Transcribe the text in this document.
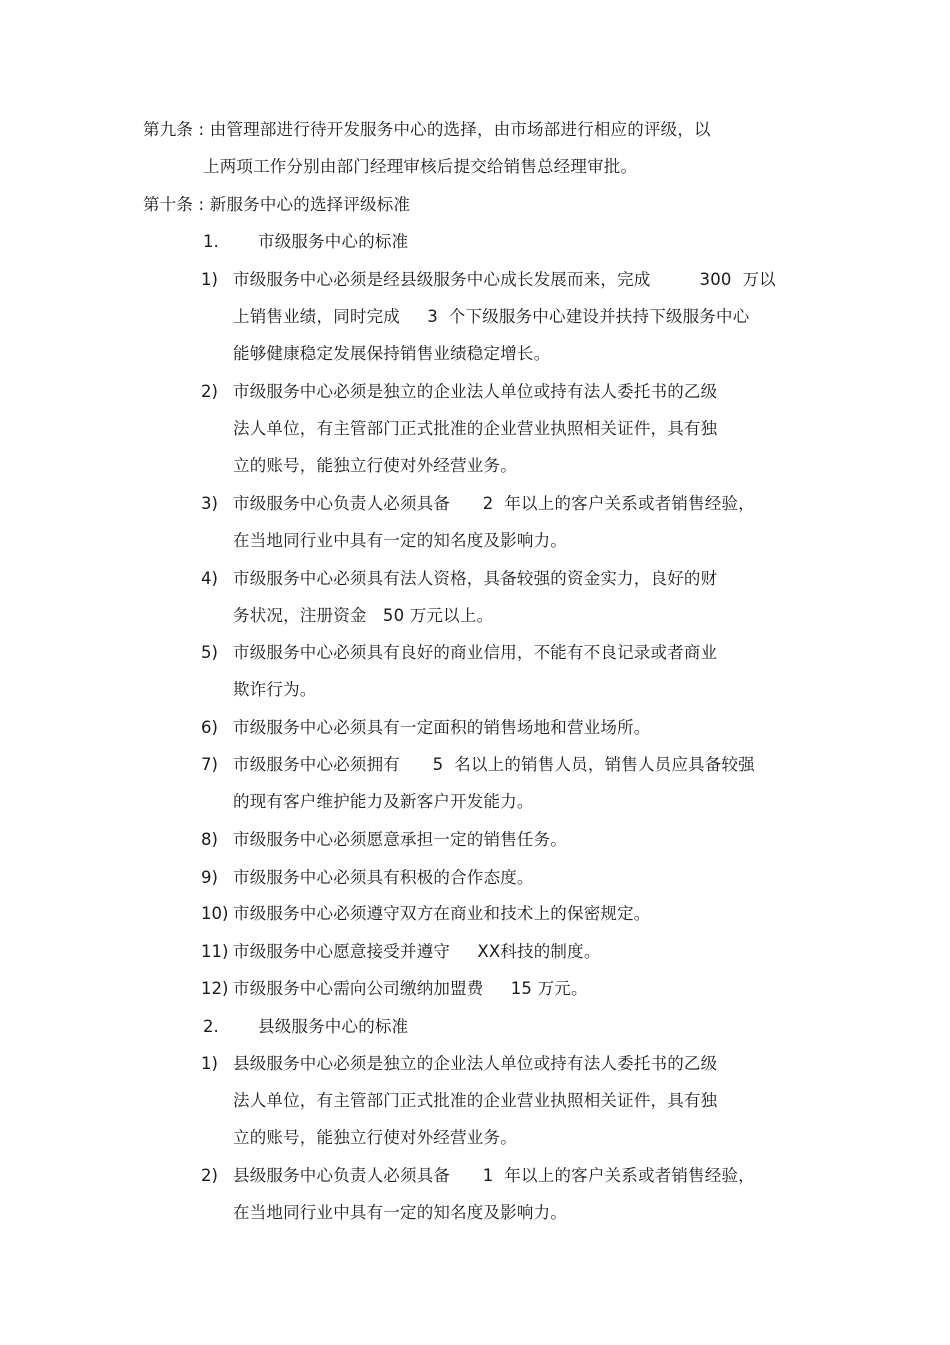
第九条 : 由管理部进行待开发服务中心的选择，由市场部进行相应的评级，以
上两项工作分别由部门经理审核后提交给销售总经理审批。
第十条 : 新服务中心的选择评级标准
1. 市级服务中心的标准
1) 市级服务中心必须是经县级服务中心成长发展而来，完成         300  万以
上销售业绩，同时完成     3  个下级服务中心建设并扶持下级服务中心
能够健康稳定发展保持销售业绩稳定增长。
2) 市级服务中心必须是独立的企业法人单位或持有法人委托书的乙级
法人单位，有主管部门正式批准的企业营业执照相关证件，具有独
立的账号，能独立行使对外经营业务。
3) 市级服务中心负责人必须具备      2  年以上的客户关系或者销售经验，
在当地同行业中具有一定的知名度及影响力。
4) 市级服务中心必须具有法人资格，具备较强的资金实力，良好的财
务状况，注册资金   50 万元以上。
5) 市级服务中心必须具有良好的商业信用，不能有不良记录或者商业
欺诈行为。
6) 市级服务中心必须具有一定面积的销售场地和营业场所。
7) 市级服务中心必须拥有      5  名以上的销售人员，销售人员应具备较强
的现有客户维护能力及新客户开发能力。
8) 市级服务中心必须愿意承担一定的销售任务。
9) 市级服务中心必须具有积极的合作态度。
10) 市级服务中心必须遵守双方在商业和技术上的保密规定。
11) 市级服务中心愿意接受并遵守     XX科技的制度。
12) 市级服务中心需向公司缴纳加盟费     15 万元。
2. 县级服务中心的标准
1) 县级服务中心必须是独立的企业法人单位或持有法人委托书的乙级
法人单位，有主管部门正式批准的企业营业执照相关证件，具有独
立的账号，能独立行使对外经营业务。
2) 县级服务中心负责人必须具备      1  年以上的客户关系或者销售经验，
在当地同行业中具有一定的知名度及影响力。
